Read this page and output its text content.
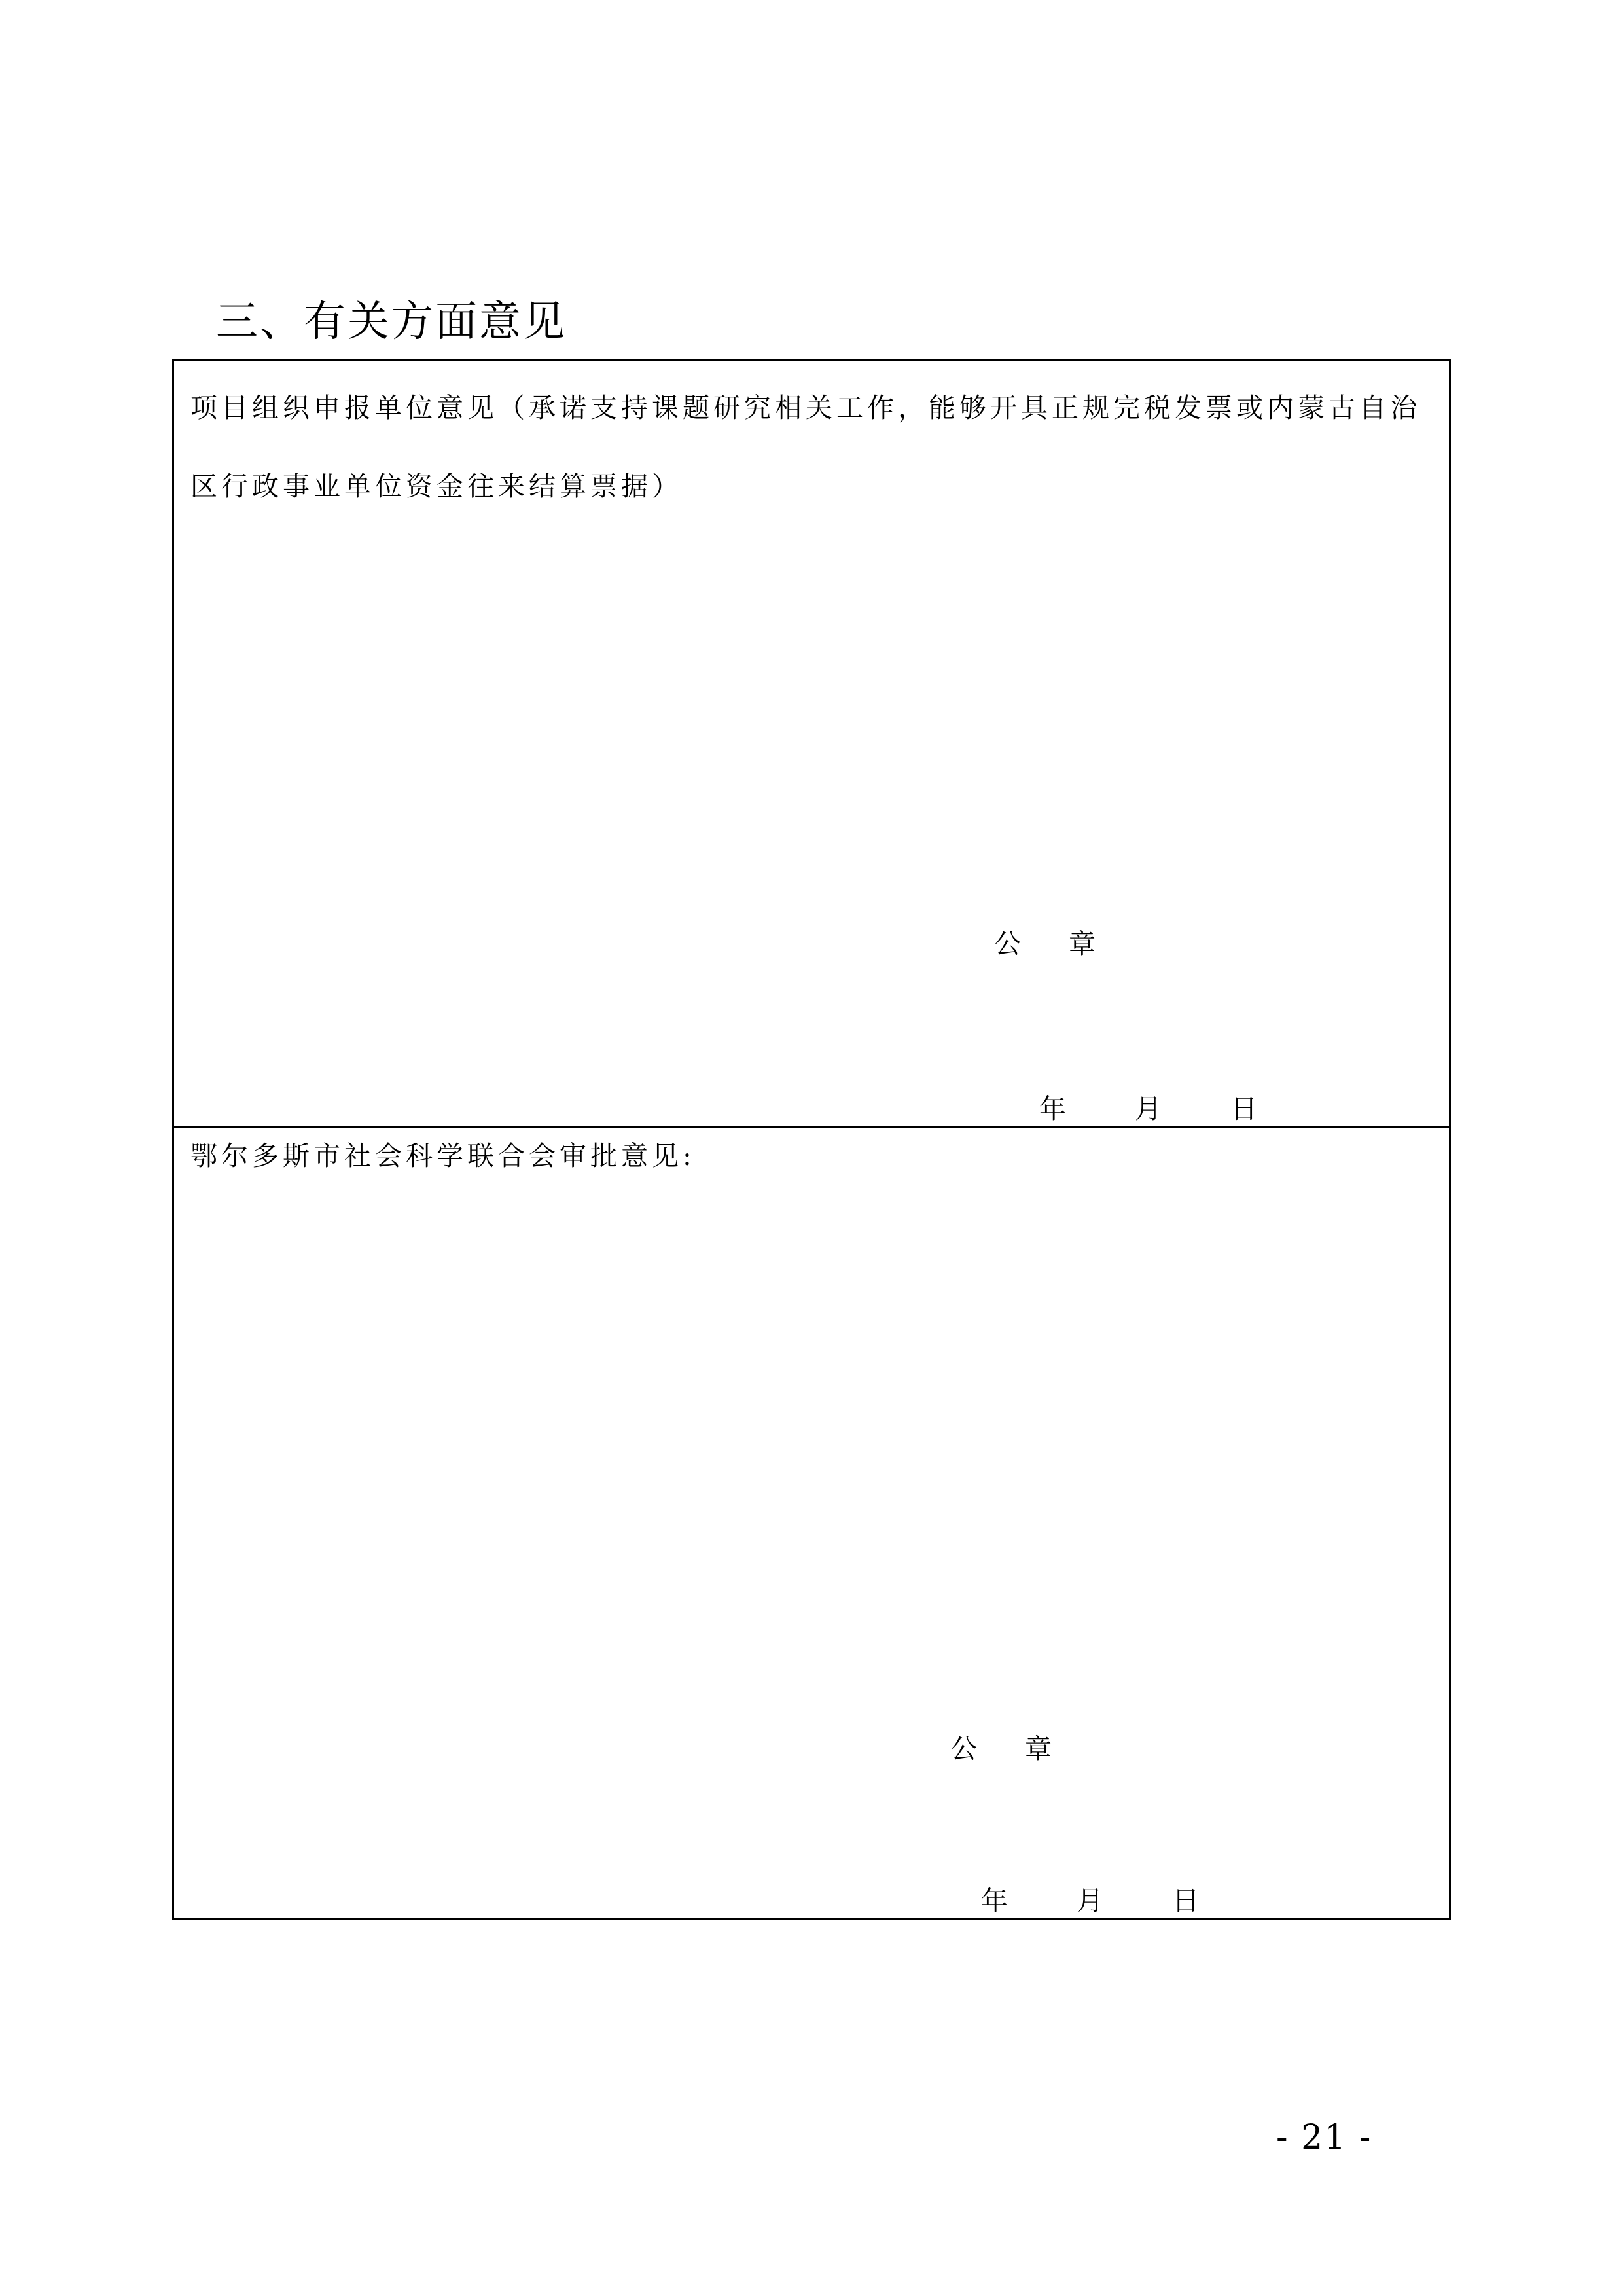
三、有关方面意见
项目组织申报单位意见（承诺支持课题研究相关工作，能够开具正规完税发票或内蒙古自治区行政事业单位资金往来结算票据）
公 章
年	月	日
鄂尔多斯市社会科学联合会审批意见:
公 章
年	月	日
- 21 -
